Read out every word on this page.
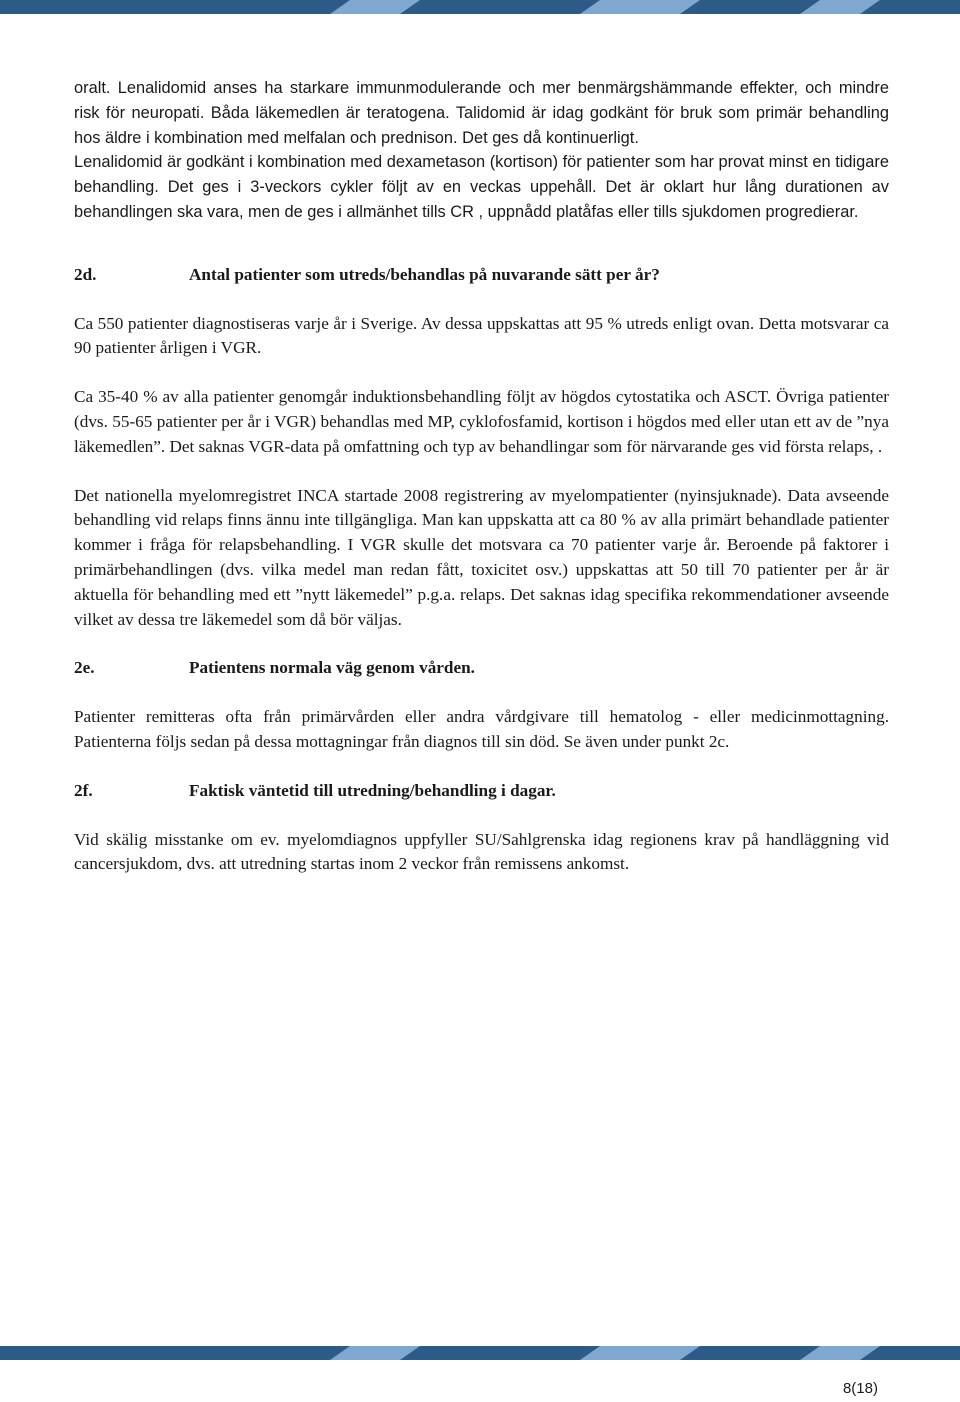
oralt. Lenalidomid anses ha starkare immunmodulerande och mer benmärgshämmande effekter, och mindre risk för neuropati. Båda läkemedlen är teratogena. Talidomid är idag godkänt för bruk som primär behandling hos äldre i kombination med melfalan och prednison. Det ges då kontinuerligt.

Lenalidomid är godkänt i kombination med dexametason (kortison) för patienter som har provat minst en tidigare behandling. Det ges i 3-veckors cykler följt av en veckas uppehåll. Det är oklart hur lång durationen av behandlingen ska vara, men de ges i allmänhet tills CR , uppnådd platåfas eller tills sjukdomen progredierar.

2d.	Antal patienter som utreds/behandlas på nuvarande sätt per år?

Ca 550 patienter diagnostiseras varje år i Sverige. Av dessa uppskattas att 95 % utreds enligt ovan. Detta motsvarar ca 90 patienter årligen i VGR.

Ca 35-40 % av alla patienter genomgår induktionsbehandling följt av högdos cytostatika och ASCT. Övriga patienter (dvs. 55-65 patienter per år i VGR) behandlas med MP, cyklofosfamid, kortison i högdos med eller utan ett av de ”nya läkemedlen”. Det saknas VGR-data på omfattning och typ av behandlingar som för närvarande ges vid första relaps, .

Det nationella myelomregistret INCA startade 2008 registrering av myelompatienter (nyinsjuknade). Data avseende behandling vid relaps finns ännu inte tillgängliga. Man kan uppskatta att ca 80 % av alla primärt behandlade patienter kommer i fråga för relapsbehandling. I VGR skulle det motsvara ca 70 patienter varje år. Beroende på faktorer i primärbehandlingen (dvs. vilka medel man redan fått, toxicitet osv.) uppskattas att 50 till 70 patienter per år är aktuella för behandling med ett ”nytt läkemedel” p.g.a. relaps. Det saknas idag specifika rekommendationer avseende vilket av dessa tre läkemedel som då bör väljas.

2e.	Patientens normala väg genom vården.

Patienter remitteras ofta från primärvården eller andra vårdgivare till hematolog - eller medicinmottagning. Patienterna följs sedan på dessa mottagningar från diagnos till sin död. Se även under punkt 2c.

2f.	Faktisk väntetid till utredning/behandling i dagar.

Vid skälig misstanke om ev. myelomdiagnos uppfyller SU/Sahlgrenska idag regionens krav på handläggning vid cancersjukdom, dvs. att utredning startas inom 2 veckor från remissens ankomst.

8(18)
